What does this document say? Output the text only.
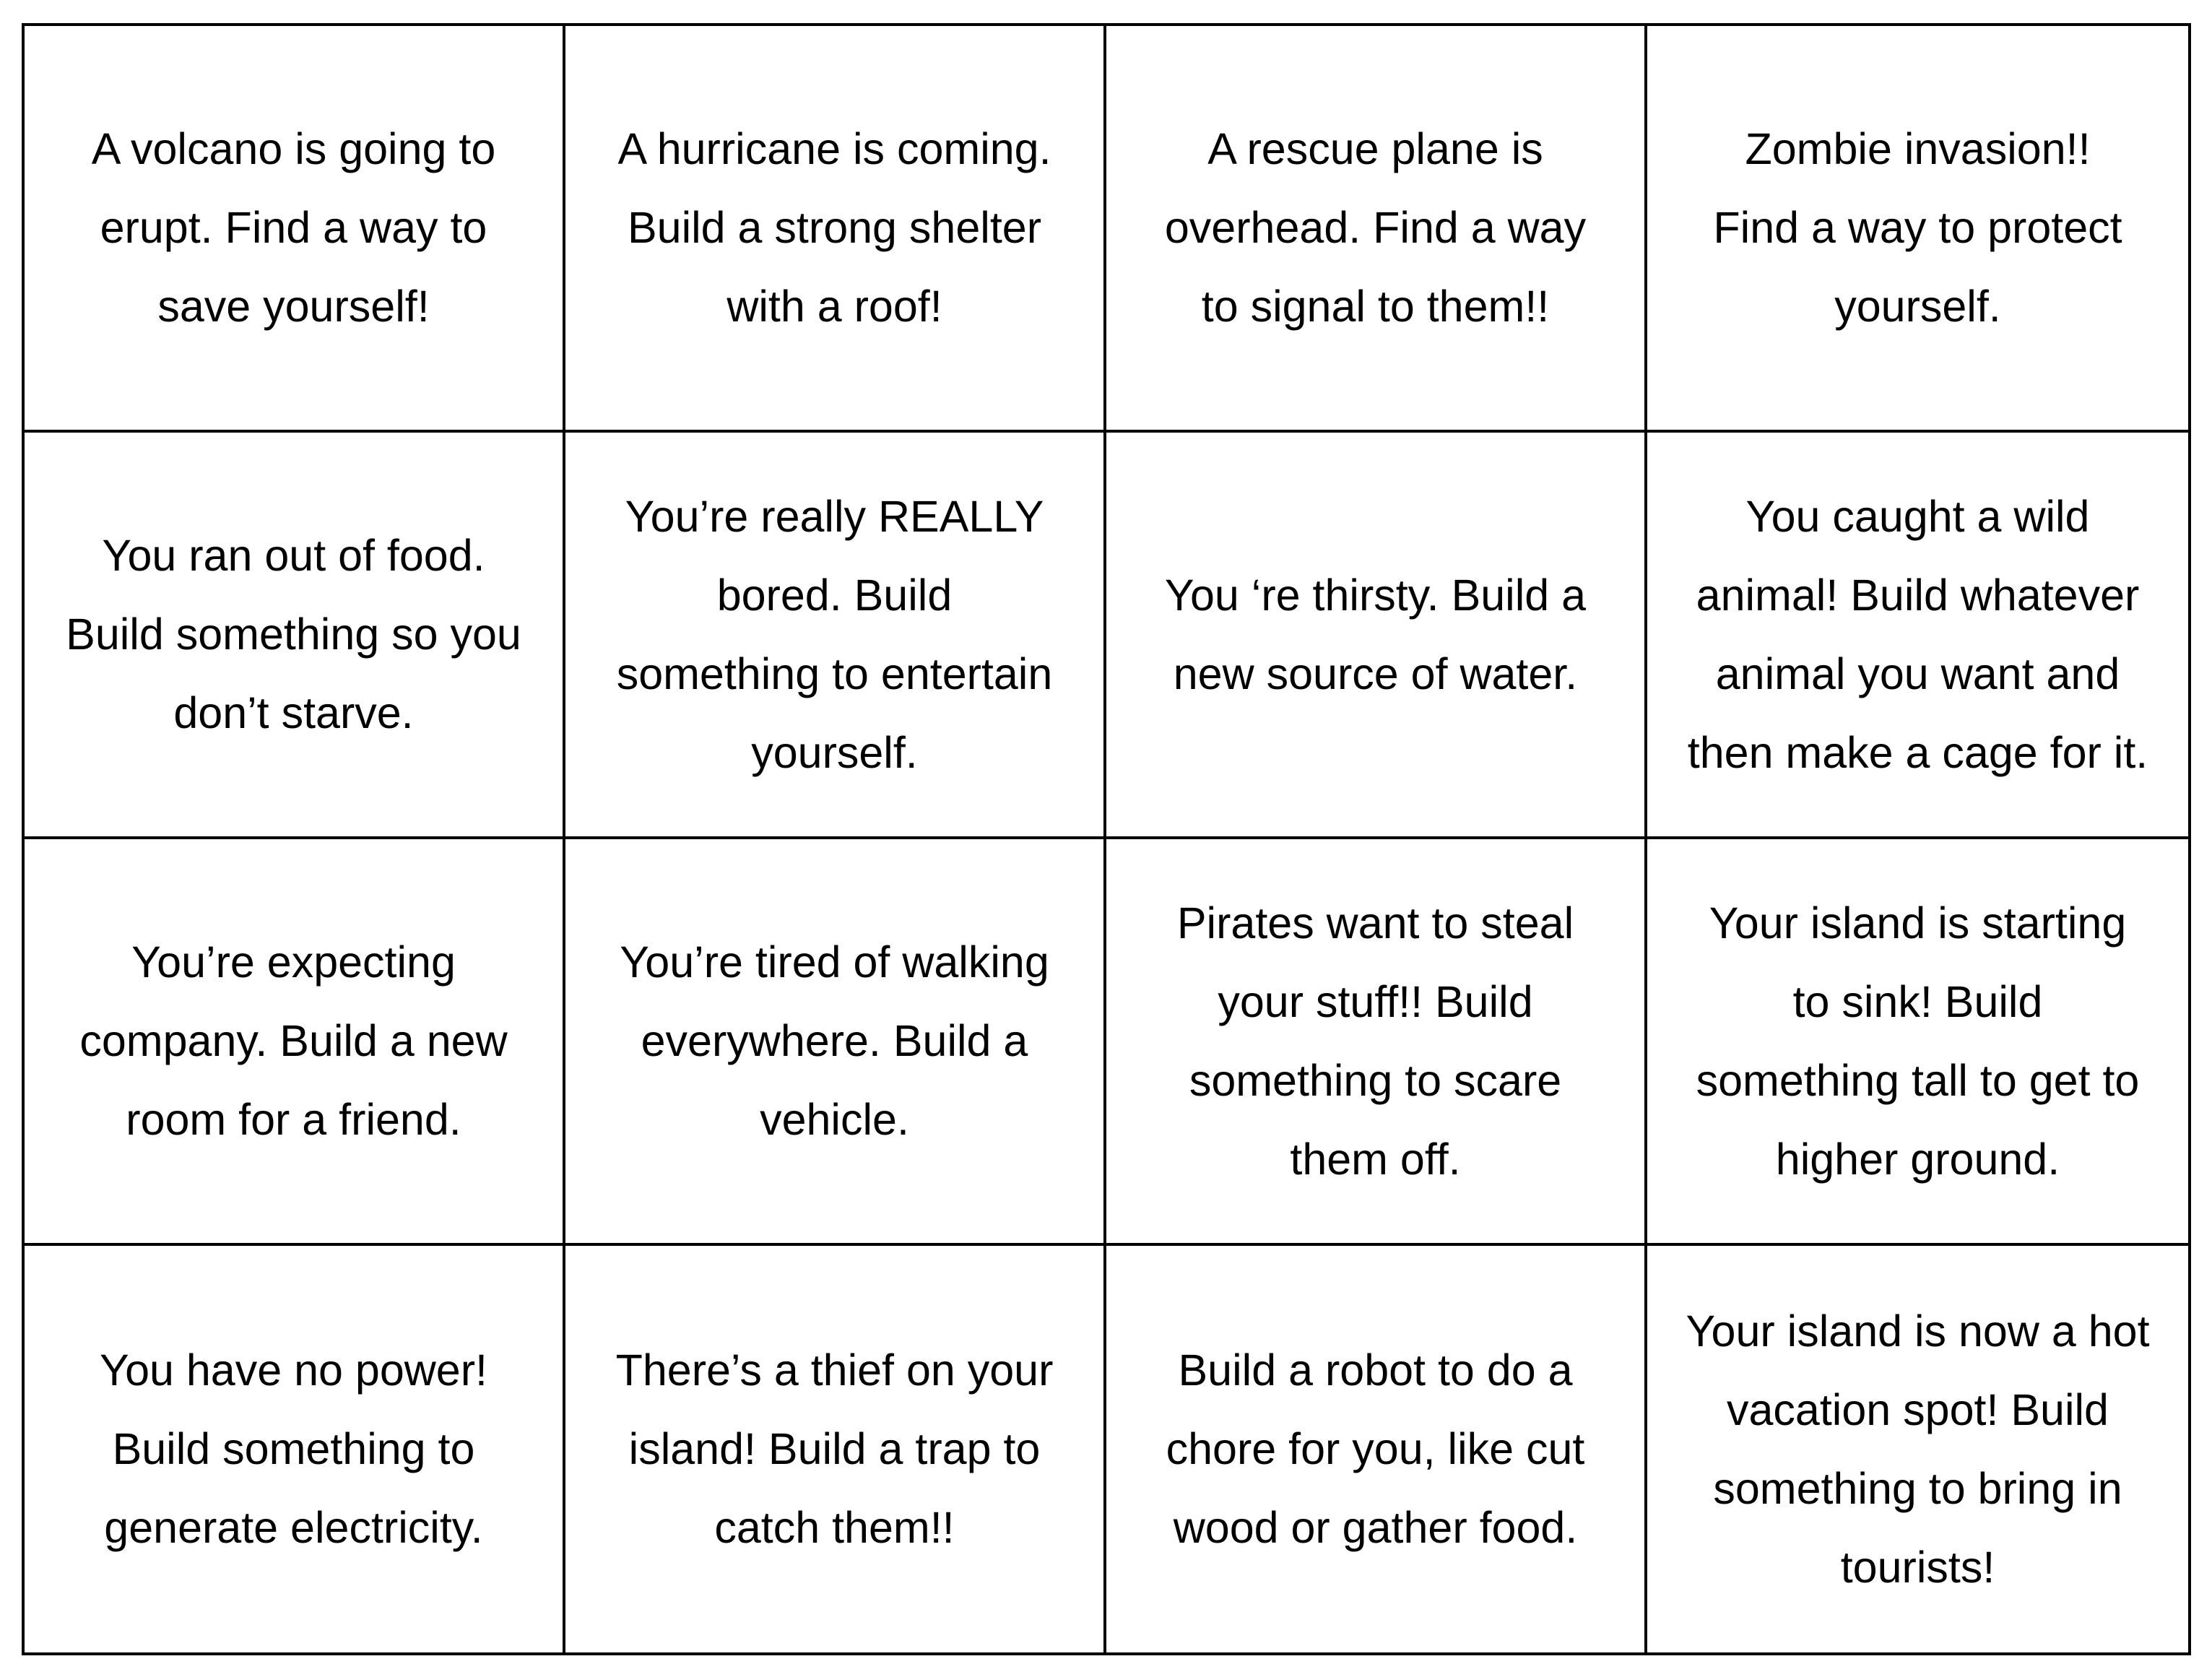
A volcano is going to
erupt. Find a way to
save yourself!
A hurricane is coming.
Build a strong shelter
with a roof!
A rescue plane is
overhead. Find a way
to signal to them!!
Zombie invasion!!
Find a way to protect
yourself.
You ran out of food.
Build something so you
don’t starve.
You’re really REALLY
bored. Build
something to entertain
yourself.
You ‘re thirsty. Build a
new source of water.
You caught a wild
animal! Build whatever
animal you want and
then make a cage for it.
You’re expecting
company. Build a new
room for a friend.
You’re tired of walking
everywhere. Build a
vehicle.
Pirates want to steal
your stuff!! Build
something to scare
them off.
Your island is starting
to sink! Build
something tall to get to
higher ground.
You have no power!
Build something to
generate electricity.
There’s a thief on your
island! Build a trap to
catch them!!
Build a robot to do a
chore for you, like cut
wood or gather food.
Your island is now a hot
vacation spot! Build
something to bring in
tourists!
